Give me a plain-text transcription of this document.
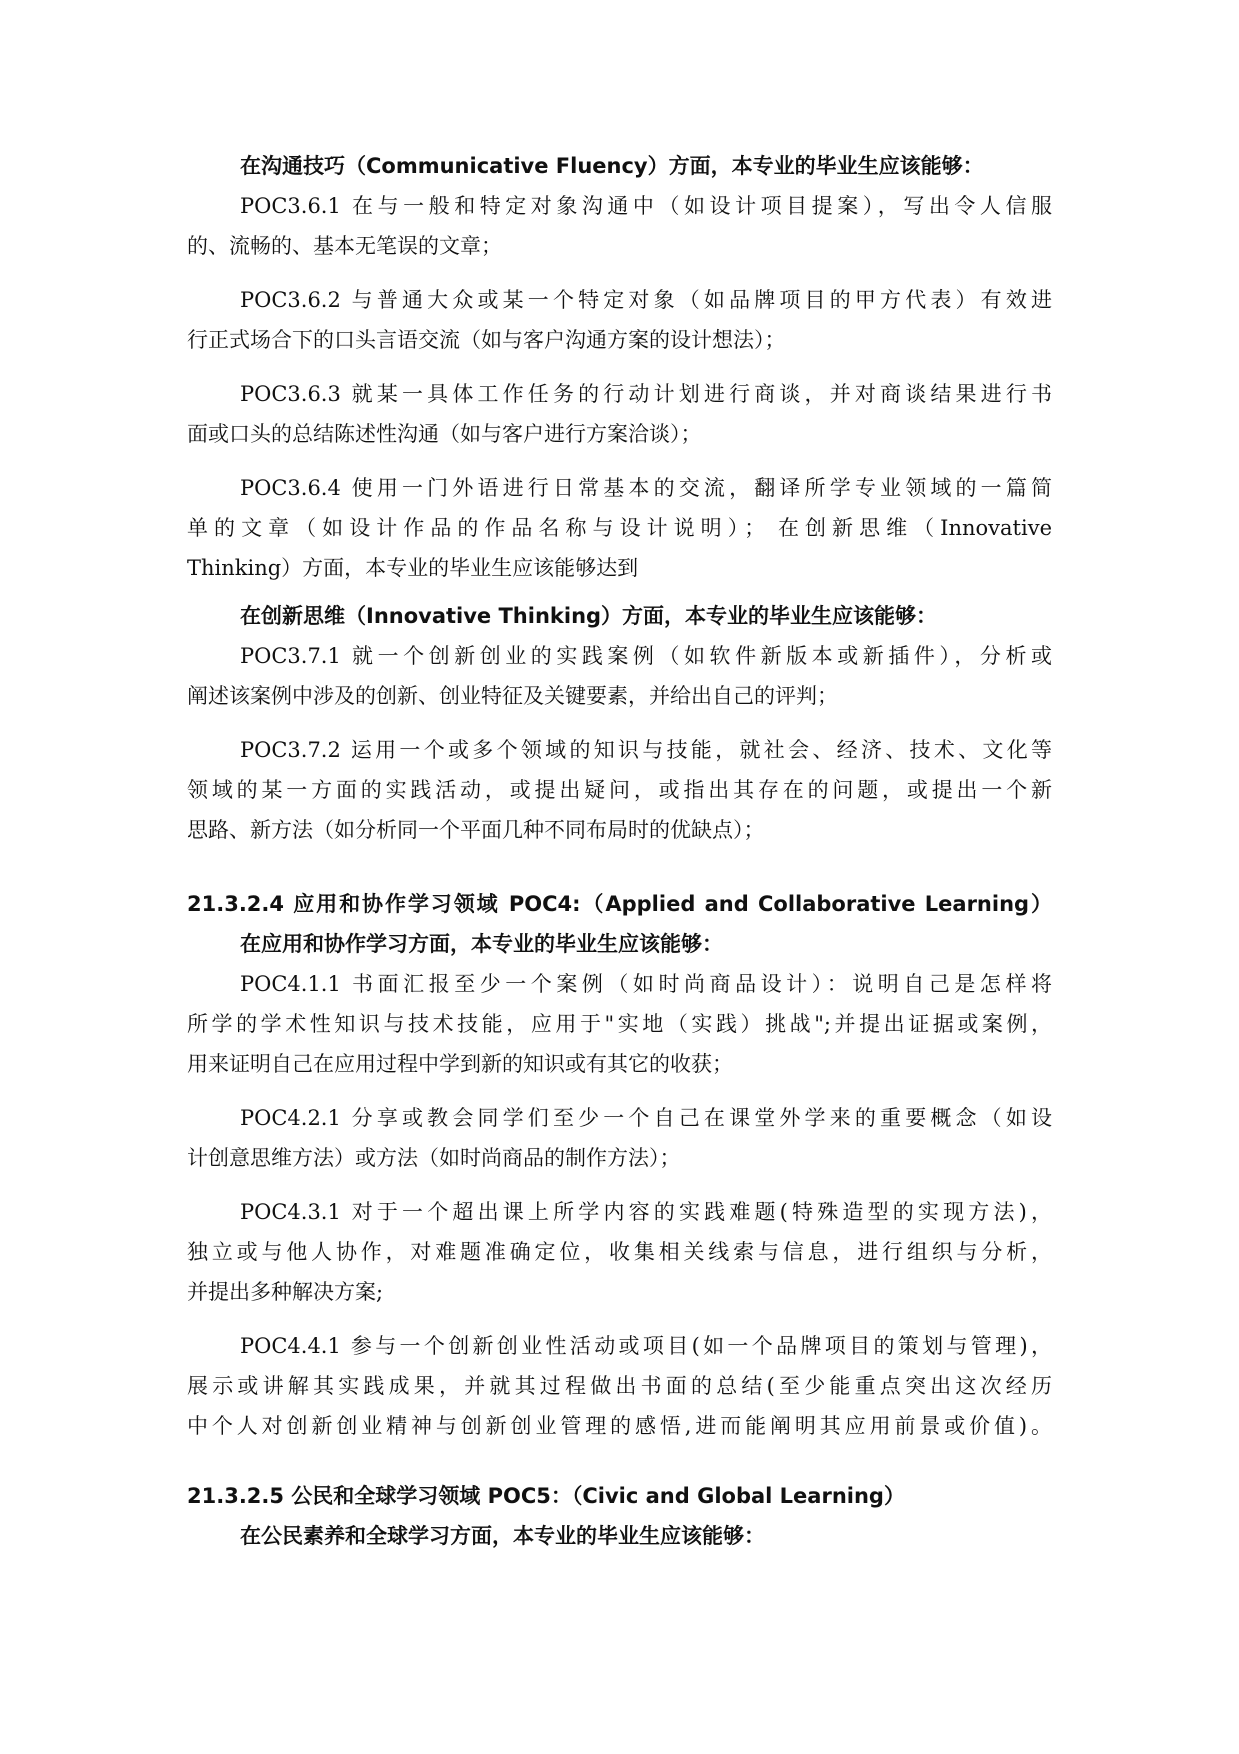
在沟通技巧（Communicative Fluency）方面，本专业的毕业生应该能够：
POC3.6.1 在与一般和特定对象沟通中（如设计项目提案），写出令人信服
的、流畅的、基本无笔误的文章；
POC3.6.2 与普通大众或某一个特定对象（如品牌项目的甲方代表）有效进
行正式场合下的口头言语交流（如与客户沟通方案的设计想法）；
POC3.6.3 就某一具体工作任务的行动计划进行商谈，并对商谈结果进行书
面或口头的总结陈述性沟通（如与客户进行方案洽谈）；
POC3.6.4 使用一门外语进行日常基本的交流，翻译所学专业领域的一篇简
单的文章（如设计作品的作品名称与设计说明）； 在创新思维（Innovative
Thinking）方面，本专业的毕业生应该能够达到
在创新思维（Innovative Thinking）方面，本专业的毕业生应该能够：
POC3.7.1 就一个创新创业的实践案例（如软件新版本或新插件），分析或
阐述该案例中涉及的创新、创业特征及关键要素，并给出自己的评判；
POC3.7.2 运用一个或多个领域的知识与技能，就社会、经济、技术、文化等
领域的某一方面的实践活动，或提出疑问，或指出其存在的问题，或提出一个新
思路、新方法（如分析同一个平面几种不同布局时的优缺点）；
21.3.2.4 应用和协作学习领域 POC4:（Applied and Collaborative Learning）
在应用和协作学习方面，本专业的毕业生应该能够：
POC4.1.1 书面汇报至少一个案例（如时尚商品设计）：说明自己是怎样将
所学的学术性知识与技术技能，应用于"实地（实践）挑战";并提出证据或案例，
用来证明自己在应用过程中学到新的知识或有其它的收获；
POC4.2.1 分享或教会同学们至少一个自己在课堂外学来的重要概念（如设
计创意思维方法）或方法（如时尚商品的制作方法）；
POC4.3.1 对于一个超出课上所学内容的实践难题(特殊造型的实现方法)，
独立或与他人协作，对难题准确定位，收集相关线索与信息，进行组织与分析，
并提出多种解决方案;
POC4.4.1 参与一个创新创业性活动或项目(如一个品牌项目的策划与管理)，
展示或讲解其实践成果，并就其过程做出书面的总结(至少能重点突出这次经历
中个人对创新创业精神与创新创业管理的感悟,进而能阐明其应用前景或价值)。
21.3.2.5 公民和全球学习领域 POC5：（Civic and Global Learning）
在公民素养和全球学习方面，本专业的毕业生应该能够：
